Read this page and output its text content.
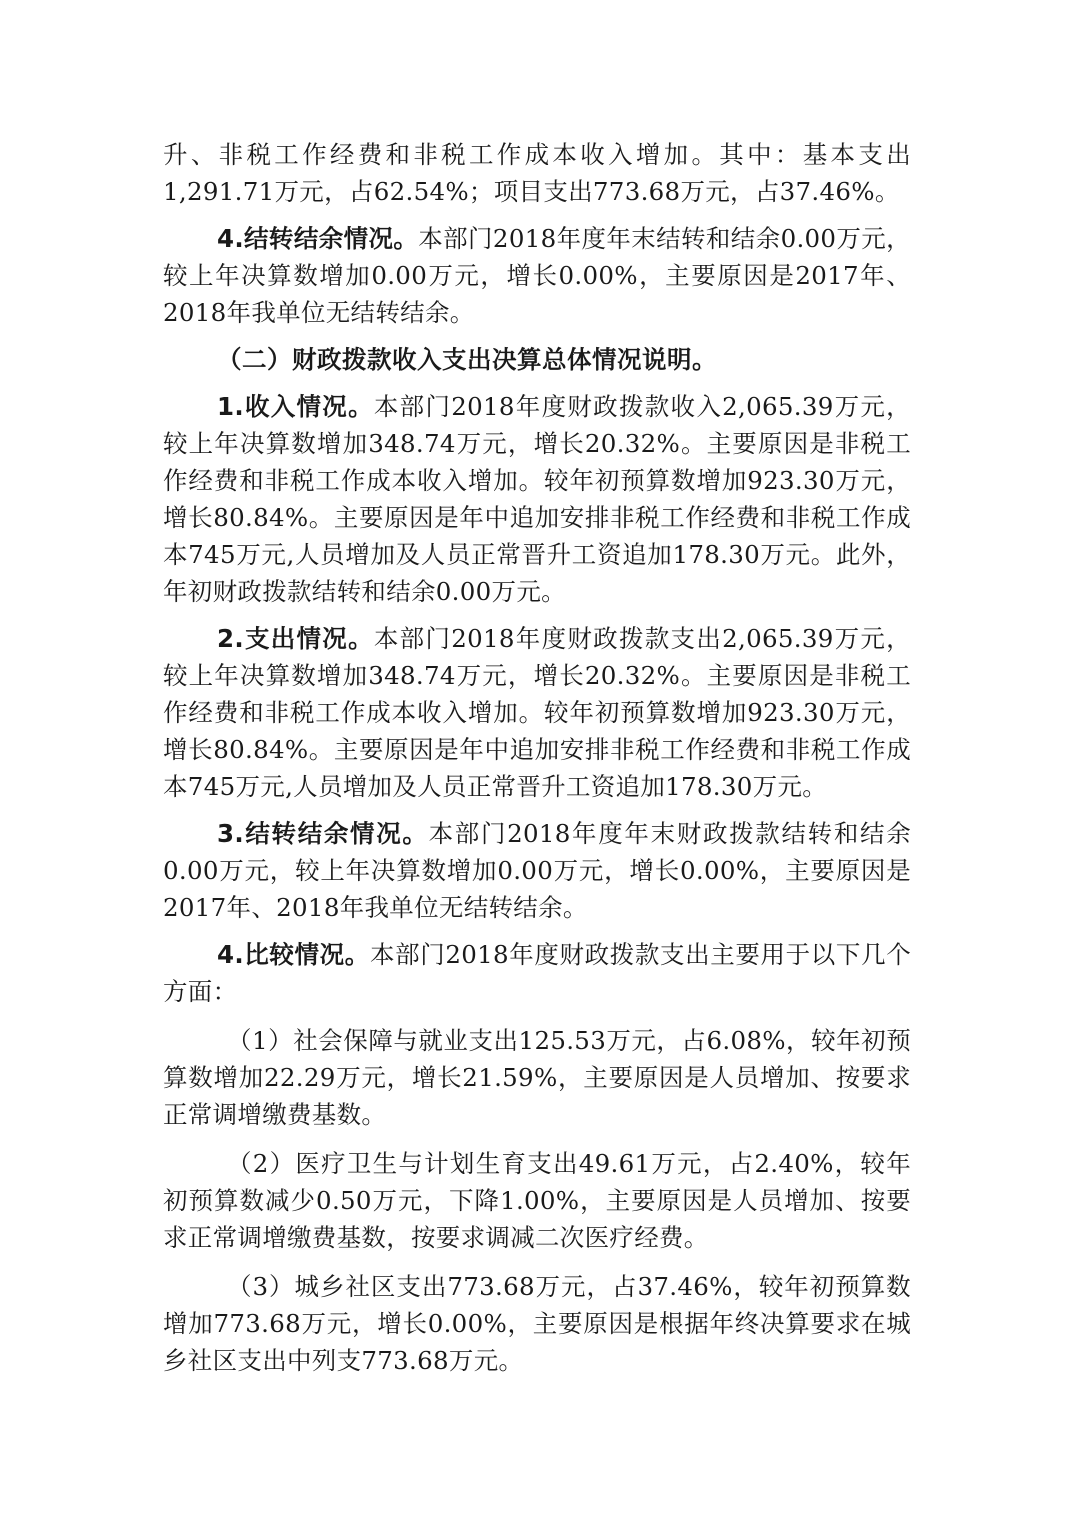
升、非税工作经费和非税工作成本收入增加。其中：基本支出1,291.71万元，占62.54%；项目支出773.68万元，占37.46%。

4.结转结余情况。本部门2018年度年末结转和结余0.00万元，较上年决算数增加0.00万元，增长0.00%，主要原因是2017年、2018年我单位无结转结余。

（二）财政拨款收入支出决算总体情况说明。

1.收入情况。本部门2018年度财政拨款收入2,065.39万元，较上年决算数增加348.74万元，增长20.32%。主要原因是非税工作经费和非税工作成本收入增加。较年初预算数增加923.30万元，增长80.84%。主要原因是年中追加安排非税工作经费和非税工作成本745万元,人员增加及人员正常晋升工资追加178.30万元。此外，年初财政拨款结转和结余0.00万元。

2.支出情况。本部门2018年度财政拨款支出2,065.39万元，较上年决算数增加348.74万元，增长20.32%。主要原因是非税工作经费和非税工作成本收入增加。较年初预算数增加923.30万元，增长80.84%。主要原因是年中追加安排非税工作经费和非税工作成本745万元,人员增加及人员正常晋升工资追加178.30万元。

3.结转结余情况。本部门2018年度年末财政拨款结转和结余0.00万元，较上年决算数增加0.00万元，增长0.00%，主要原因是2017年、2018年我单位无结转结余。

4.比较情况。本部门2018年度财政拨款支出主要用于以下几个方面：

（1）社会保障与就业支出125.53万元，占6.08%，较年初预算数增加22.29万元，增长21.59%，主要原因是人员增加、按要求正常调增缴费基数。

（2）医疗卫生与计划生育支出49.61万元，占2.40%，较年初预算数减少0.50万元，下降1.00%，主要原因是人员增加、按要求正常调增缴费基数，按要求调减二次医疗经费。

（3）城乡社区支出773.68万元，占37.46%，较年初预算数增加773.68万元，增长0.00%，主要原因是根据年终决算要求在城乡社区支出中列支773.68万元。
